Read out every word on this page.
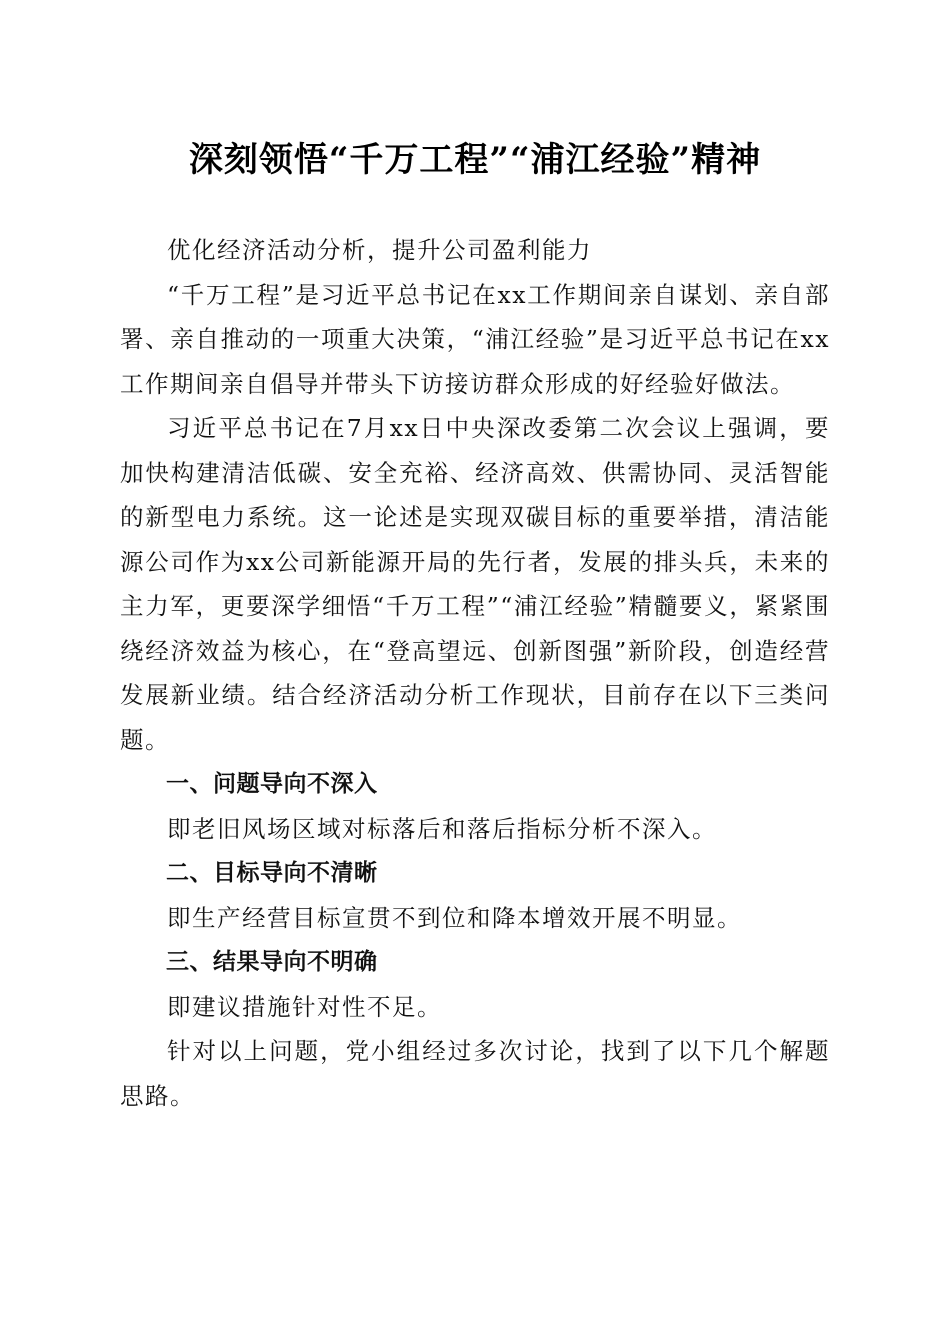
深刻领悟“千万工程”“浦江经验”精神

优化经济活动分析，提升公司盈利能力

“千万工程”是习近平总书记在xx工作期间亲自谋划、亲自部署、亲自推动的一项重大决策，“浦江经验”是习近平总书记在xx工作期间亲自倡导并带头下访接访群众形成的好经验好做法。

习近平总书记在7月xx日中央深改委第二次会议上强调，要加快构建清洁低碳、安全充裕、经济高效、供需协同、灵活智能的新型电力系统。这一论述是实现双碳目标的重要举措，清洁能源公司作为xx公司新能源开局的先行者，发展的排头兵，未来的主力军，更要深学细悟“千万工程”“浦江经验”精髓要义，紧紧围绕经济效益为核心，在“登高望远、创新图强”新阶段，创造经营发展新业绩。结合经济活动分析工作现状，目前存在以下三类问题。

一、问题导向不深入

即老旧风场区域对标落后和落后指标分析不深入。

二、目标导向不清晰

即生产经营目标宣贯不到位和降本增效开展不明显。

三、结果导向不明确

即建议措施针对性不足。

针对以上问题，党小组经过多次讨论，找到了以下几个解题思路。
